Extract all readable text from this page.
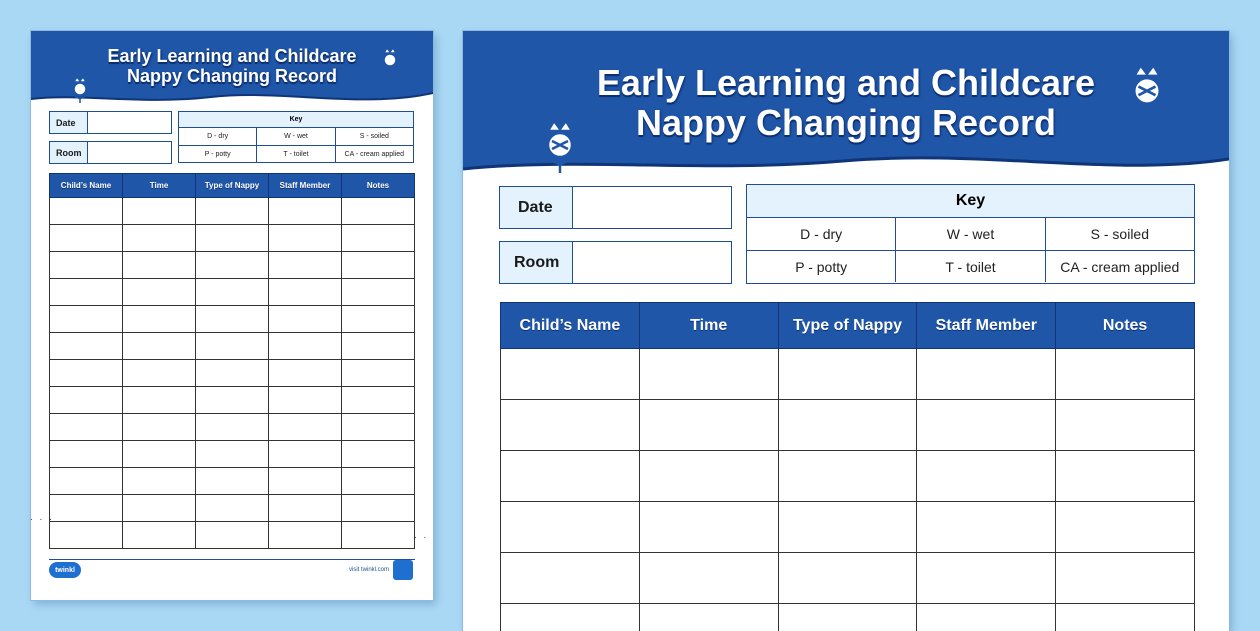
Early Learning and Childcare
Nappy Changing Record
Date
Room
Key
D - dry	W - wet	S - soiled
P - potty	T - toilet	CA - cream applied
Child’s Name	Time	Type of Nappy	Staff Member	Notes

twinkl	visit twinkl.com
. . .
. .
Early Learning and Childcare
Nappy Changing Record
Date
Room
Key
D - dry	W - wet	S - soiled
P - potty	T - toilet	CA - cream applied
Child’s Name	Time	Type of Nappy	Staff Member	Notes
